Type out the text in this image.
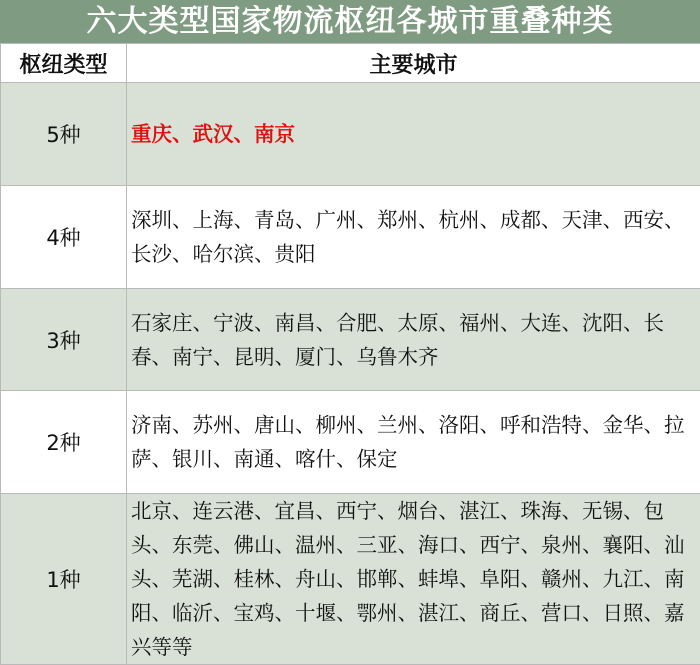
六大类型国家物流枢纽各城市重叠种类
枢纽类型	主要城市
5种	重庆、武汉、南京
4种	深圳、上海、青岛、广州、郑州、杭州、成都、天津、西安、长沙、哈尔滨、贵阳
3种	石家庄、宁波、南昌、合肥、太原、福州、大连、沈阳、长春、南宁、昆明、厦门、乌鲁木齐
2种	济南、苏州、唐山、柳州、兰州、洛阳、呼和浩特、金华、拉萨、银川、南通、喀什、保定
1种	北京、连云港、宜昌、西宁、烟台、湛江、珠海、无锡、包头、东莞、佛山、温州、三亚、海口、西宁、泉州、襄阳、汕头、芜湖、桂林、舟山、邯郸、蚌埠、阜阳、赣州、九江、南阳、临沂、宝鸡、十堰、鄂州、湛江、商丘、营口、日照、嘉兴等等
